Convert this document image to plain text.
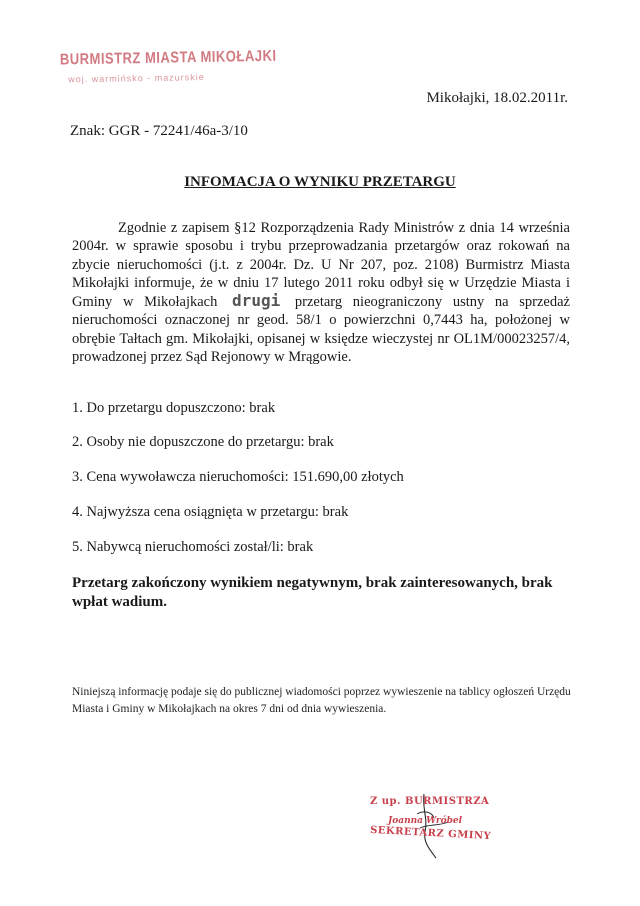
BURMISTRZ MIASTA MIKOŁAJKI
woj. warmińsko - mazurskie
Mikołajki, 18.02.2011r.
Znak: GGR - 72241/46a-3/10
INFOMACJA O WYNIKU PRZETARGU
Zgodnie z zapisem §12 Rozporządzenia Rady Ministrów z dnia 14 września 2004r. w sprawie sposobu i trybu przeprowadzania przetargów oraz rokowań na zbycie nieruchomości (j.t. z 2004r. Dz. U Nr 207, poz. 2108) Burmistrz Miasta Mikołajki informuje, że w dniu 17 lutego 2011 roku odbył się w Urzędzie Miasta i Gminy w Mikołajkach drugi przetarg nieograniczony ustny na sprzedaż nieruchomości oznaczonej nr geod. 58/1 o powierzchni 0,7443 ha, położonej w obrębie Tałtach gm. Mikołajki, opisanej w księdze wieczystej nr OL1M/00023257/4, prowadzonej przez Sąd Rejonowy w Mrągowie.
1. Do przetargu dopuszczono: brak
2. Osoby nie dopuszczone do przetargu: brak
3. Cena wywoławcza nieruchomości: 151.690,00 złotych
4. Najwyższa cena osiągnięta w przetargu: brak
5. Nabywcą nieruchomości został/li: brak
Przetarg zakończony wynikiem negatywnym, brak zainteresowanych, brak wpłat wadium.
Niniejszą informację podaje się do publicznej wiadomości poprzez wywieszenie na tablicy ogłoszeń Urzędu Miasta i Gminy w Mikołajkach na okres 7 dni od dnia wywieszenia.
Z up. BURMISTRZA
Joanna Wróbel
SEKRETARZ GMINY
